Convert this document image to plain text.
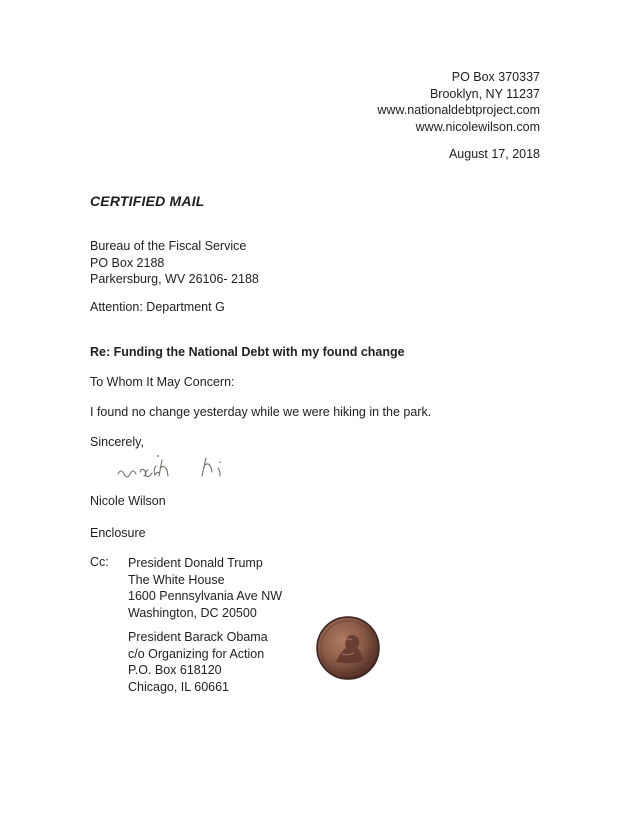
PO Box 370337
Brooklyn, NY 11237
www.nationaldebtproject.com
www.nicolewilson.com
August 17, 2018
CERTIFIED MAIL
Bureau of the Fiscal Service
PO Box 2188
Parkersburg, WV 26106- 2188
Attention: Department G
Re: Funding the National Debt with my found change
To Whom It May Concern:
I found no change yesterday while we were hiking in the park.
Sincerely,
Nicole Wilson
Enclosure
Cc: President Donald Trump
The White House
1600 Pennsylvania Ave NW
Washington, DC 20500
President Barack Obama
c/o Organizing for Action
P.O. Box 618120
Chicago, IL 60661
